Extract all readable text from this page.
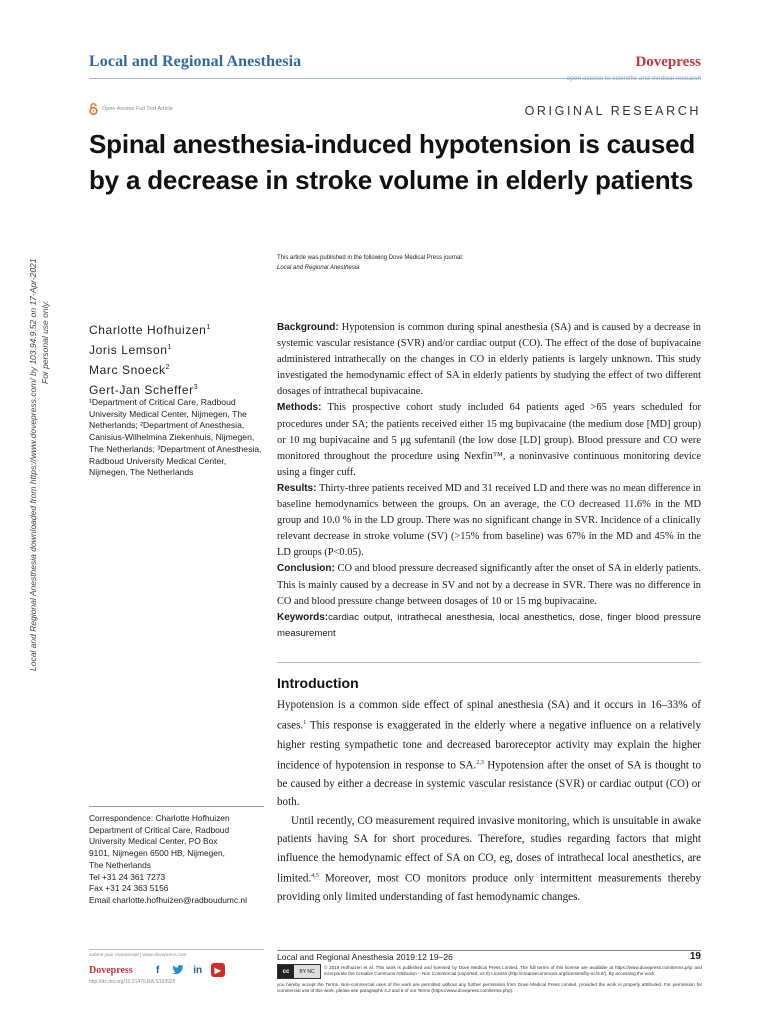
Local and Regional Anesthesia	Dovepress
open access to scientific and medical research
Open Access Full Text Article	ORIGINAL RESEARCH
Spinal anesthesia-induced hypotension is caused
by a decrease in stroke volume in elderly patients
Local and Regional Anesthesia downloaded from https://www.dovepress.com/ by 103.94.9.52 on 17-Apr-2021 For personal use only.
This article was published in the following Dove Medical Press journal:
Local and Regional Anesthesia
Charlotte Hofhuizen$^1$
Joris Lemson$^1$
Marc Snoeck$^2$
Gert-Jan Scheffer$^3$

¹Department of Critical Care, Radboud University Medical Center, Nijmegen, The Netherlands; ²Department of Anesthesia, Canisius-Wilhelmina Ziekenhuis, Nijmegen, The Netherlands; ³Department of Anesthesia, Radboud University Medical Center, Nijmegen, The Netherlands

Background: Hypotension is common during spinal anesthesia (SA) and is caused by a decrease in systemic vascular resistance (SVR) and/or cardiac output (CO). The effect of the dose of bupivacaine administered intrathecally on the changes in CO in elderly patients is largely unknown. This study investigated the hemodynamic effect of SA in elderly patients by studying the effect of two different dosages of intrathecal bupivacaine.

Methods: This prospective cohort study included 64 patients aged >65 years scheduled for procedures under SA; the patients received either 15 mg bupivacaine (the medium dose [MD] group) or 10 mg bupivacaine and 5 μg sufentanil (the low dose [LD] group). Blood pressure and CO were monitored throughout the procedure using Nexfin™, a noninvasive continuous monitoring device using a finger cuff.

Results: Thirty-three patients received MD and 31 received LD and there was no mean difference in baseline hemodynamics between the groups. On an average, the CO decreased 11.6% in the MD group and 10.0 % in the LD group. There was no significant change in SVR. Incidence of a clinically relevant decrease in stroke volume (SV) (>15% from baseline) was 67% in the MD and 45% in the LD groups (P<0.05).

Conclusion: CO and blood pressure decreased significantly after the onset of SA in elderly patients. This is mainly caused by a decrease in SV and not by a decrease in SVR. There was no difference in CO and blood pressure change between dosages of 10 or 15 mg bupivacaine.

Keywords:cardiac output, intrathecal anesthesia, local anesthetics, dose, finger blood pressure measurement

Introduction

Hypotension is a common side effect of spinal anesthesia (SA) and it occurs in 16–33% of cases.$^1$ This response is exaggerated in the elderly where a negative influence on a relatively higher resting sympathetic tone and decreased baroreceptor activity may explain the higher incidence of hypotension in response to SA.$^{2,3}$ Hypotension after the onset of SA is thought to be caused by either a decrease in systemic vascular resistance (SVR) or cardiac output (CO) or both.

Until recently, CO measurement required invasive monitoring, which is unsuitable in awake patients having SA for short procedures. Therefore, studies regarding factors that might influence the hemodynamic effect of SA on CO, eg, doses of intrathecal local anesthetics, are limited.$^{4,5}$ Moreover, most CO monitors produce only intermittent measurements thereby providing only limited understanding of fast hemodynamic changes.

Correspondence: Charlotte Hofhuizen
Department of Critical Care, Radboud
University Medical Center, PO Box
9101, Nijmegen 6500 HB, Nijmegen,
The Netherlands
Tel +31 24 361 7273
Fax +31 24 363 5156
Email charlotte.hofhuizen@radboudumc.nl
submit your manuscript | www.dovepress.com
Dovepress	f	in	▶
http://dx.doi.org/10.2147/LRA.S193925
Local and Regional Anesthesia 2019:12 19–26	19
cc	BY NC
© 2019 Hofhuizen et al. This work is published and licensed by Dove Medical Press Limited. The full terms of this license are available at https://www.dovepress.com/terms.php and incorporate the Creative Commons Attribution – Non Commercial (unported, v3.0) License (http://creativecommons.org/licenses/by-nc/3.0/). By accessing the work
you hereby accept the Terms. Non-commercial uses of the work are permitted without any further permission from Dove Medical Press Limited, provided the work is properly attributed. For permission for commercial use of this work, please see paragraphs 4.2 and 5 of our Terms (https://www.dovepress.com/terms.php).
